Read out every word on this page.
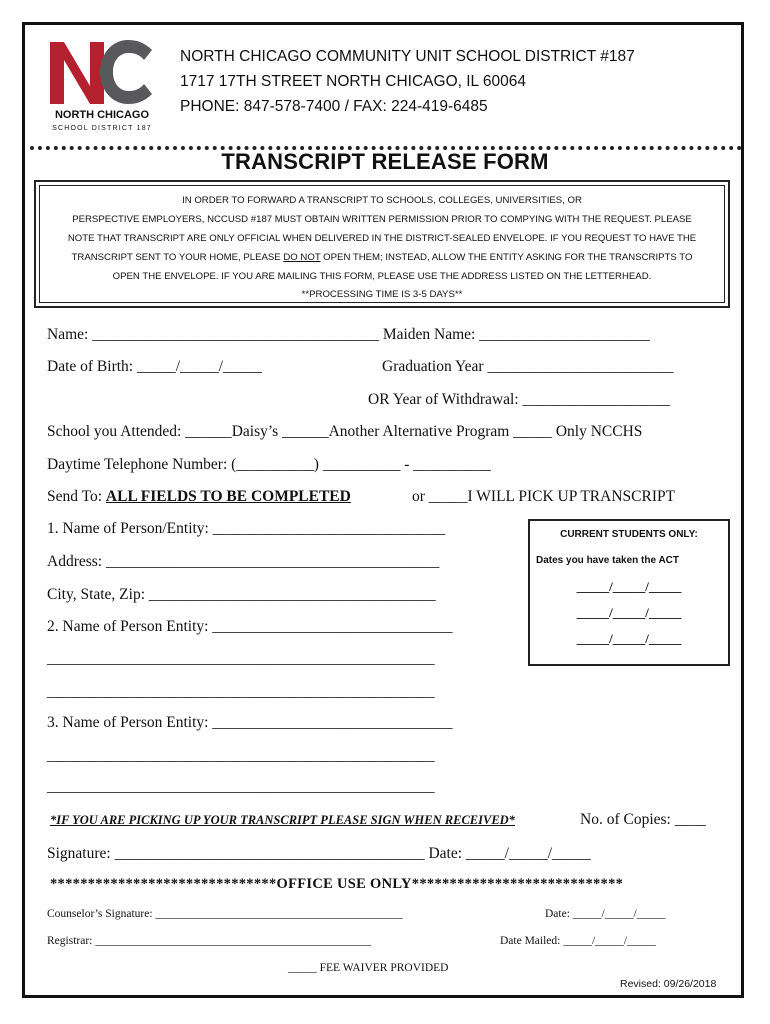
NORTH CHICAGO
SCHOOL DISTRICT 187
NORTH CHICAGO COMMUNITY UNIT SCHOOL DISTRICT #187
1717 17TH STREET NORTH CHICAGO, IL 60064
PHONE: 847-578-7400 / FAX: 224-419-6485
TRANSCRIPT RELEASE FORM
IN ORDER TO FORWARD A TRANSCRIPT TO SCHOOLS, COLLEGES, UNIVERSITIES, OR
PERSPECTIVE EMPLOYERS, NCCUSD #187 MUST OBTAIN WRITTEN PERMISSION PRIOR TO COMPYING WITH THE REQUEST. PLEASE
NOTE THAT TRANSCRIPT ARE ONLY OFFICIAL WHEN DELIVERED IN THE DISTRICT-SEALED ENVELOPE. IF YOU REQUEST TO HAVE THE
TRANSCRIPT SENT TO YOUR HOME, PLEASE DO NOT OPEN THEM; INSTEAD, ALLOW THE ENTITY ASKING FOR THE TRANSCRIPTS TO
OPEN THE ENVELOPE. IF YOU ARE MAILING THIS FORM, PLEASE USE THE ADDRESS LISTED ON THE LETTERHEAD.
**PROCESSING TIME IS 3-5 DAYS**
Name: _____________________________________ Maiden Name: ______________________
Date of Birth: _____/_____/_____	Graduation Year ________________________
OR Year of Withdrawal: ___________________
School you Attended: ______Daisy’s ______Another Alternative Program _____ Only NCCHS
Daytime Telephone Number: (__________) __________ - __________
Send To: ALL FIELDS TO BE COMPLETED	or _____I WILL PICK UP TRANSCRIPT
1. Name of Person/Entity: ______________________________
Address: ___________________________________________
City, State, Zip: _____________________________________
2. Name of Person Entity: _______________________________
__________________________________________________
__________________________________________________
3. Name of Person Entity: _______________________________
__________________________________________________
__________________________________________________
CURRENT STUDENTS ONLY:
Dates you have taken the ACT
_____/_____/_____
_____/_____/_____
_____/_____/_____
*IF YOU ARE PICKING UP YOUR TRANSCRIPT PLEASE SIGN WHEN RECEIVED*	No. of Copies: ____
Signature: ________________________________________ Date: _____/_____/_____
******************************OFFICE USE ONLY****************************
Counselor’s Signature: ___________________________________________	Date: _____/_____/_____
Registrar: ________________________________________________	Date Mailed: _____/_____/_____
_____ FEE WAIVER PROVIDED
Revised: 09/26/2018
